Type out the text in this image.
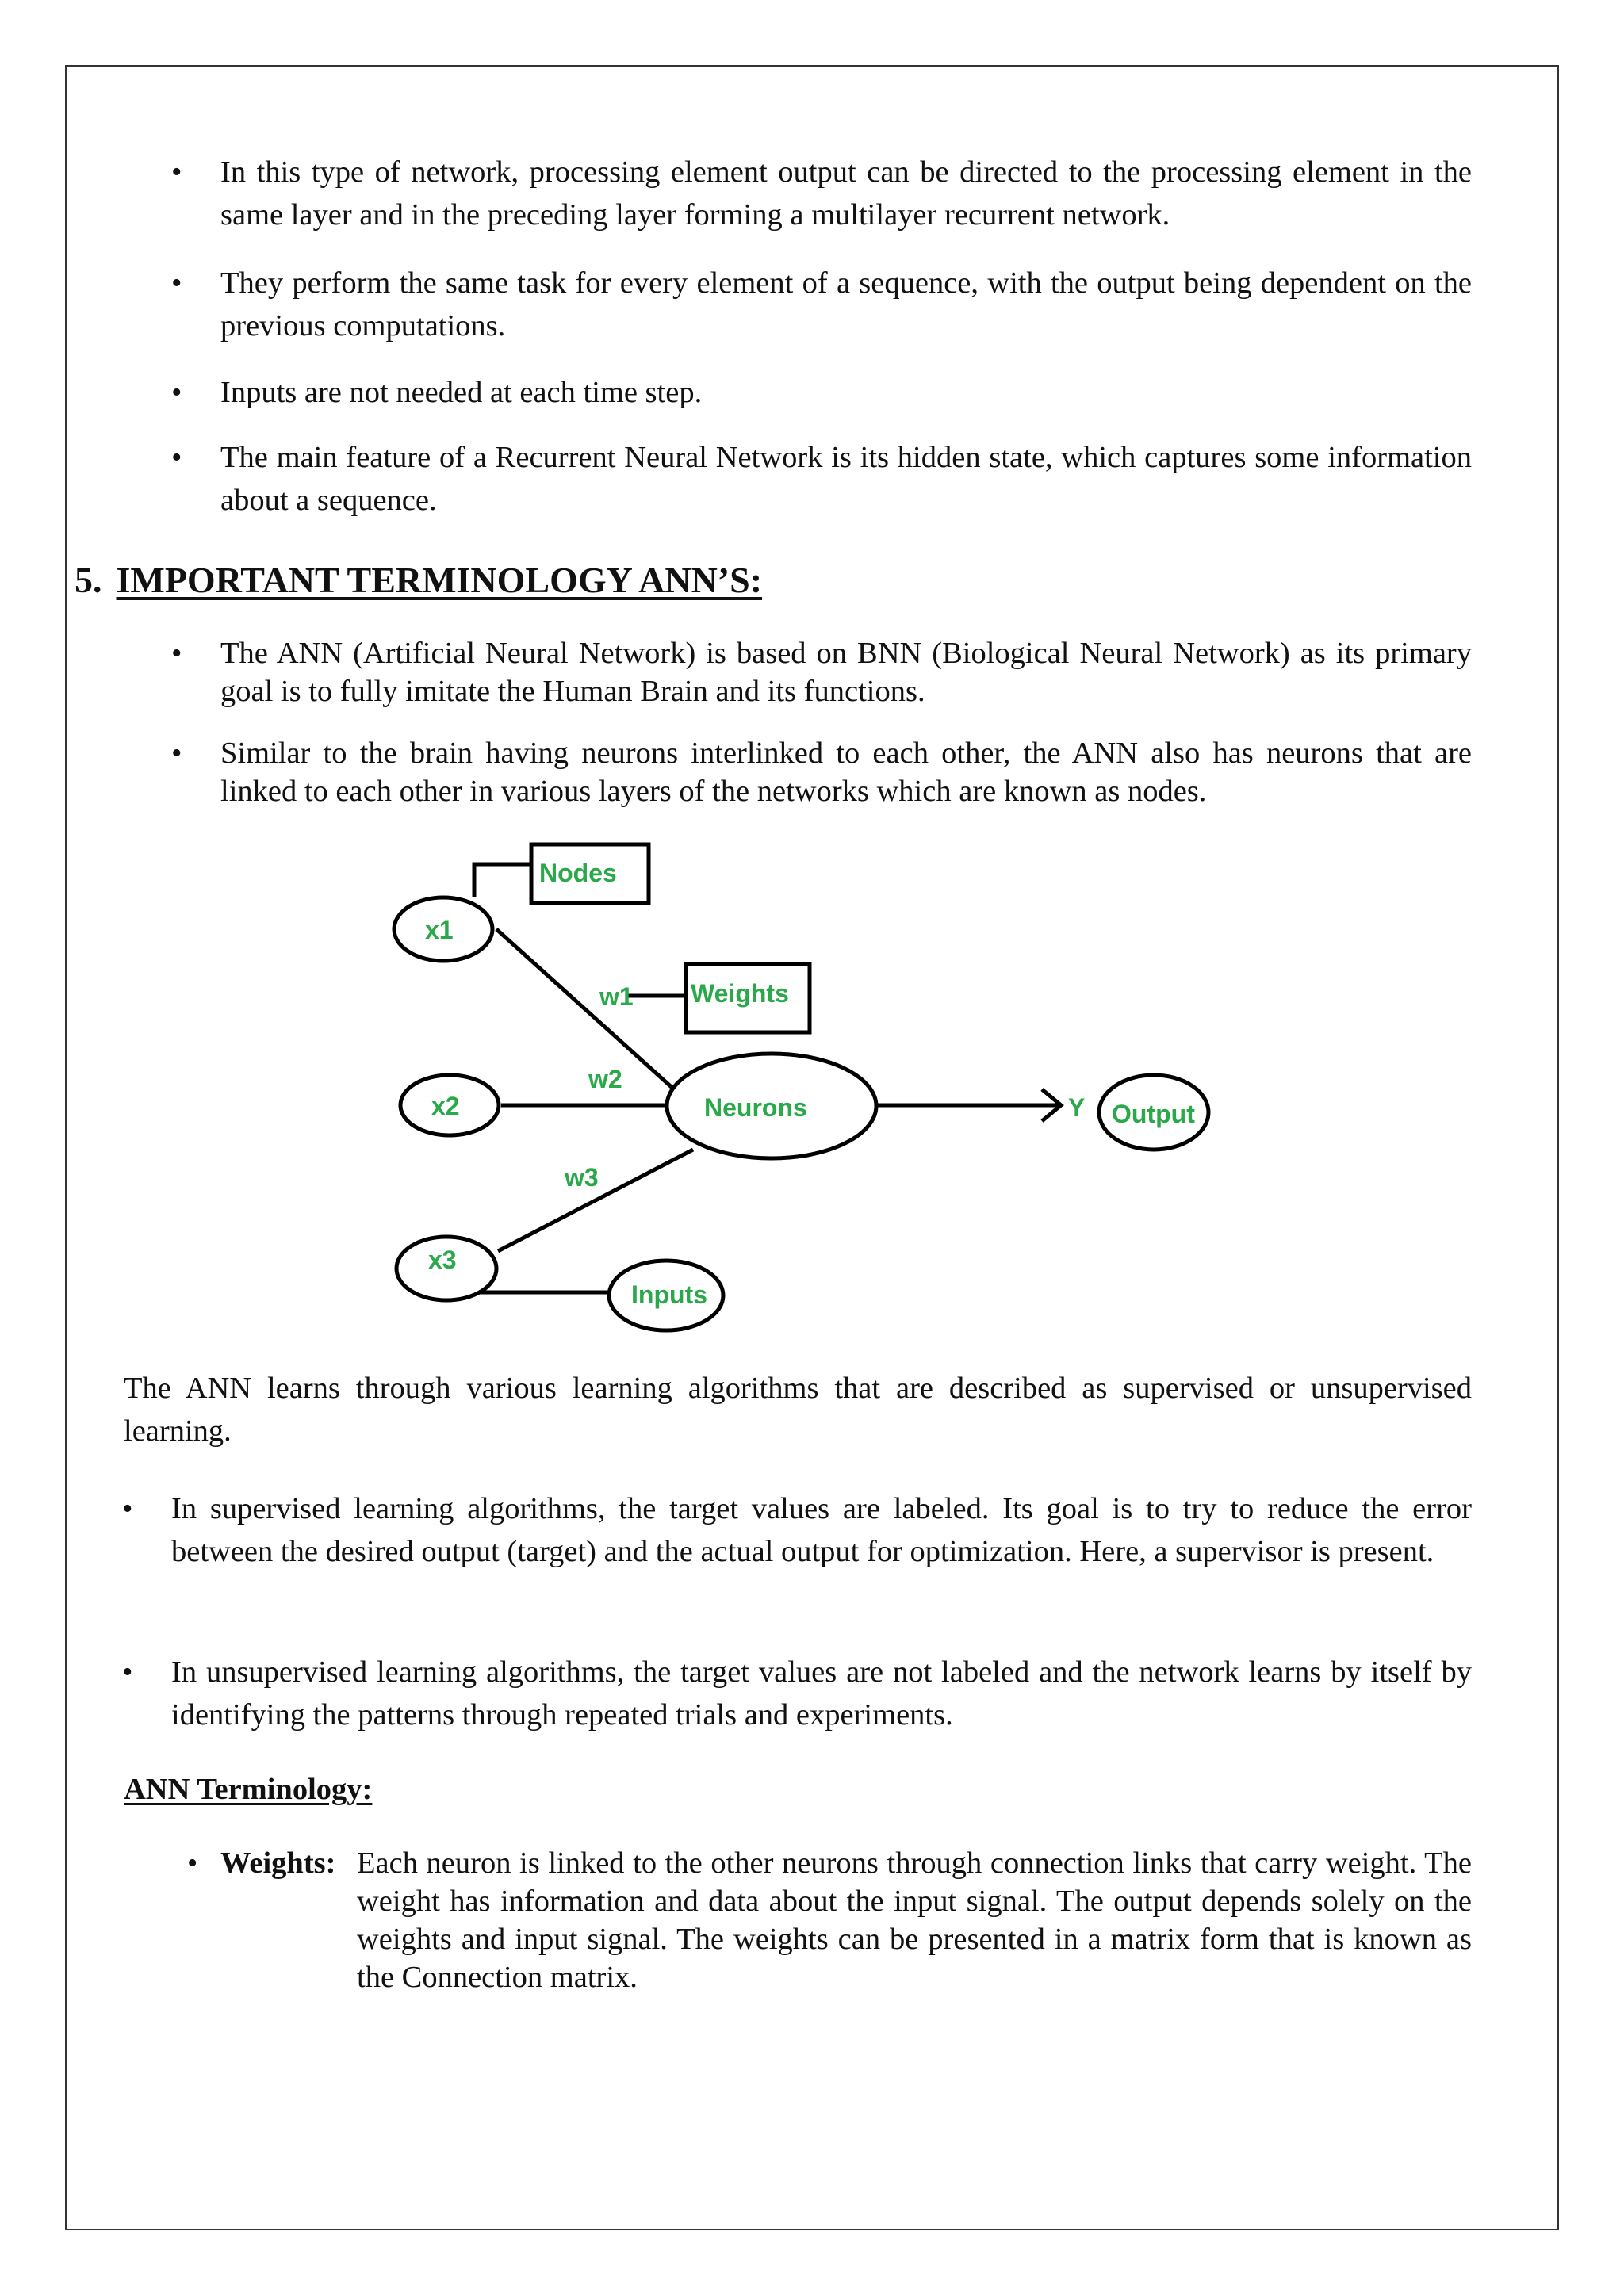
• In this type of network, processing element output can be directed to the processing element in the same layer and in the preceding layer forming a multilayer recurrent network.

• They perform the same task for every element of a sequence, with the output being dependent on the previous computations.

• Inputs are not needed at each time step.

• The main feature of a Recurrent Neural Network is its hidden state, which captures some information about a sequence.

5. IMPORTANT TERMINOLOGY ANN’S:
• The ANN (Artificial Neural Network) is based on BNN (Biological Neural Network) as its primary goal is to fully imitate the Human Brain and its functions.

• Similar to the brain having neurons interlinked to each other, the ANN also has neurons that are linked to each other in various layers of the networks which are known as nodes.

Nodes
Weights
Neurons	Output
Inputs
Y
x1
x2
x3
w1
w2
w3

The ANN learns through various learning algorithms that are described as supervised or unsupervised learning.

• In supervised learning algorithms, the target values are labeled. Its goal is to try to reduce the error between the desired output (target) and the actual output for optimization. Here, a supervisor is present.

• In unsupervised learning algorithms, the target values are not labeled and the network learns by itself by identifying the patterns through repeated trials and experiments.

ANN Terminology:
• Weights: Each neuron is linked to the other neurons through connection links that carry weight. The weight has information and data about the input signal. The output depends solely on the weights and input signal. The weights can be presented in a matrix form that is known as the Connection matrix.
